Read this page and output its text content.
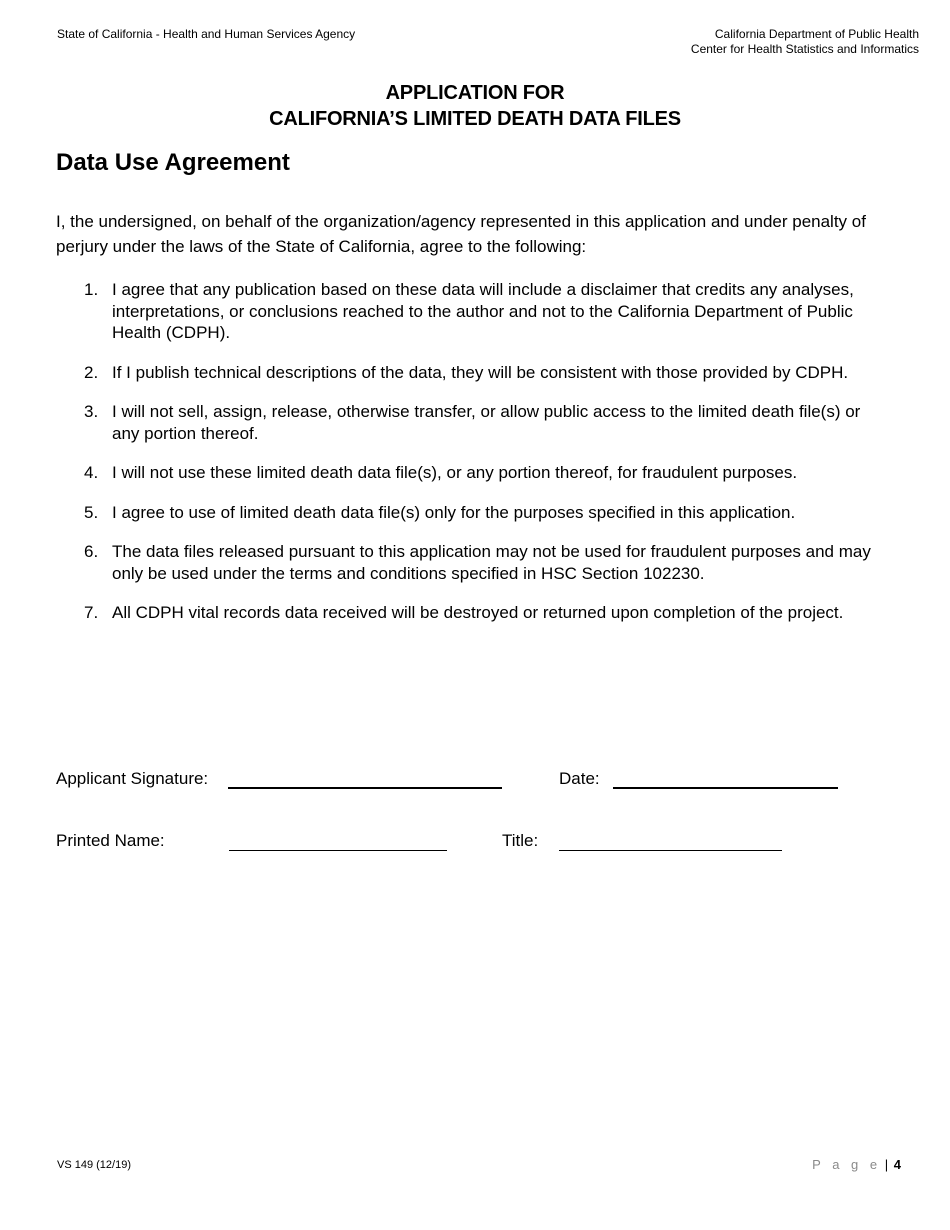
State of California - Health and Human Services Agency	California Department of Public Health
Center for Health Statistics and Informatics
APPLICATION FOR
CALIFORNIA’S LIMITED DEATH DATA FILES
Data Use Agreement
I, the undersigned, on behalf of the organization/agency represented in this application and under penalty of perjury under the laws of the State of California, agree to the following:
1. I agree that any publication based on these data will include a disclaimer that credits any analyses, interpretations, or conclusions reached to the author and not to the California Department of Public Health (CDPH).
2. If I publish technical descriptions of the data, they will be consistent with those provided by CDPH.
3. I will not sell, assign, release, otherwise transfer, or allow public access to the limited death file(s) or any portion thereof.
4. I will not use these limited death data file(s), or any portion thereof, for fraudulent purposes.
5. I agree to use of limited death data file(s) only for the purposes specified in this application.
6. The data files released pursuant to this application may not be used for fraudulent purposes and may only be used under the terms and conditions specified in HSC Section 102230.
7. All CDPH vital records data received will be destroyed or returned upon completion of the project.
Applicant Signature:	Date:
Printed Name:	Title:
VS 149 (12/19)	P a g e | 4
